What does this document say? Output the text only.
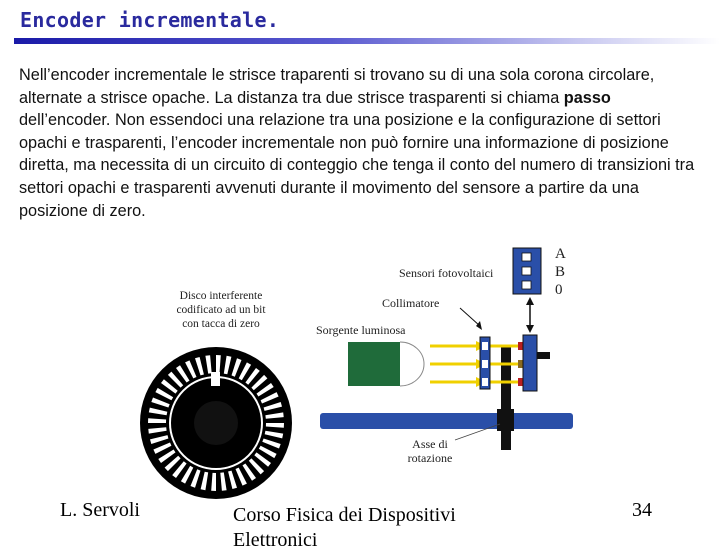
Encoder incrementale.
Nell’encoder incrementale le strisce traparenti si trovano su di una sola corona circolare, alternate a strisce opache. La distanza tra due strisce trasparenti si chiama passo dell’encoder. Non essendoci una relazione tra una posizione e la configurazione di settori opachi e trasparenti, l’encoder incrementale non può fornire una informazione di posizione diretta, ma necessita di un circuito di conteggio che tenga il conto del numero di transizioni tra settori opachi e trasparenti avvenuti durante il movimento del sensore a partire da una posizione di zero.
Disco interferente
codificato ad un bit
con tacca di zero
Asse di
rotazione
Sorgente luminosa
Collimatore
Sensori fotovoltaici
A
B
0
L. Servoli	Corso Fisica dei Dispositivi Elettronici
34
